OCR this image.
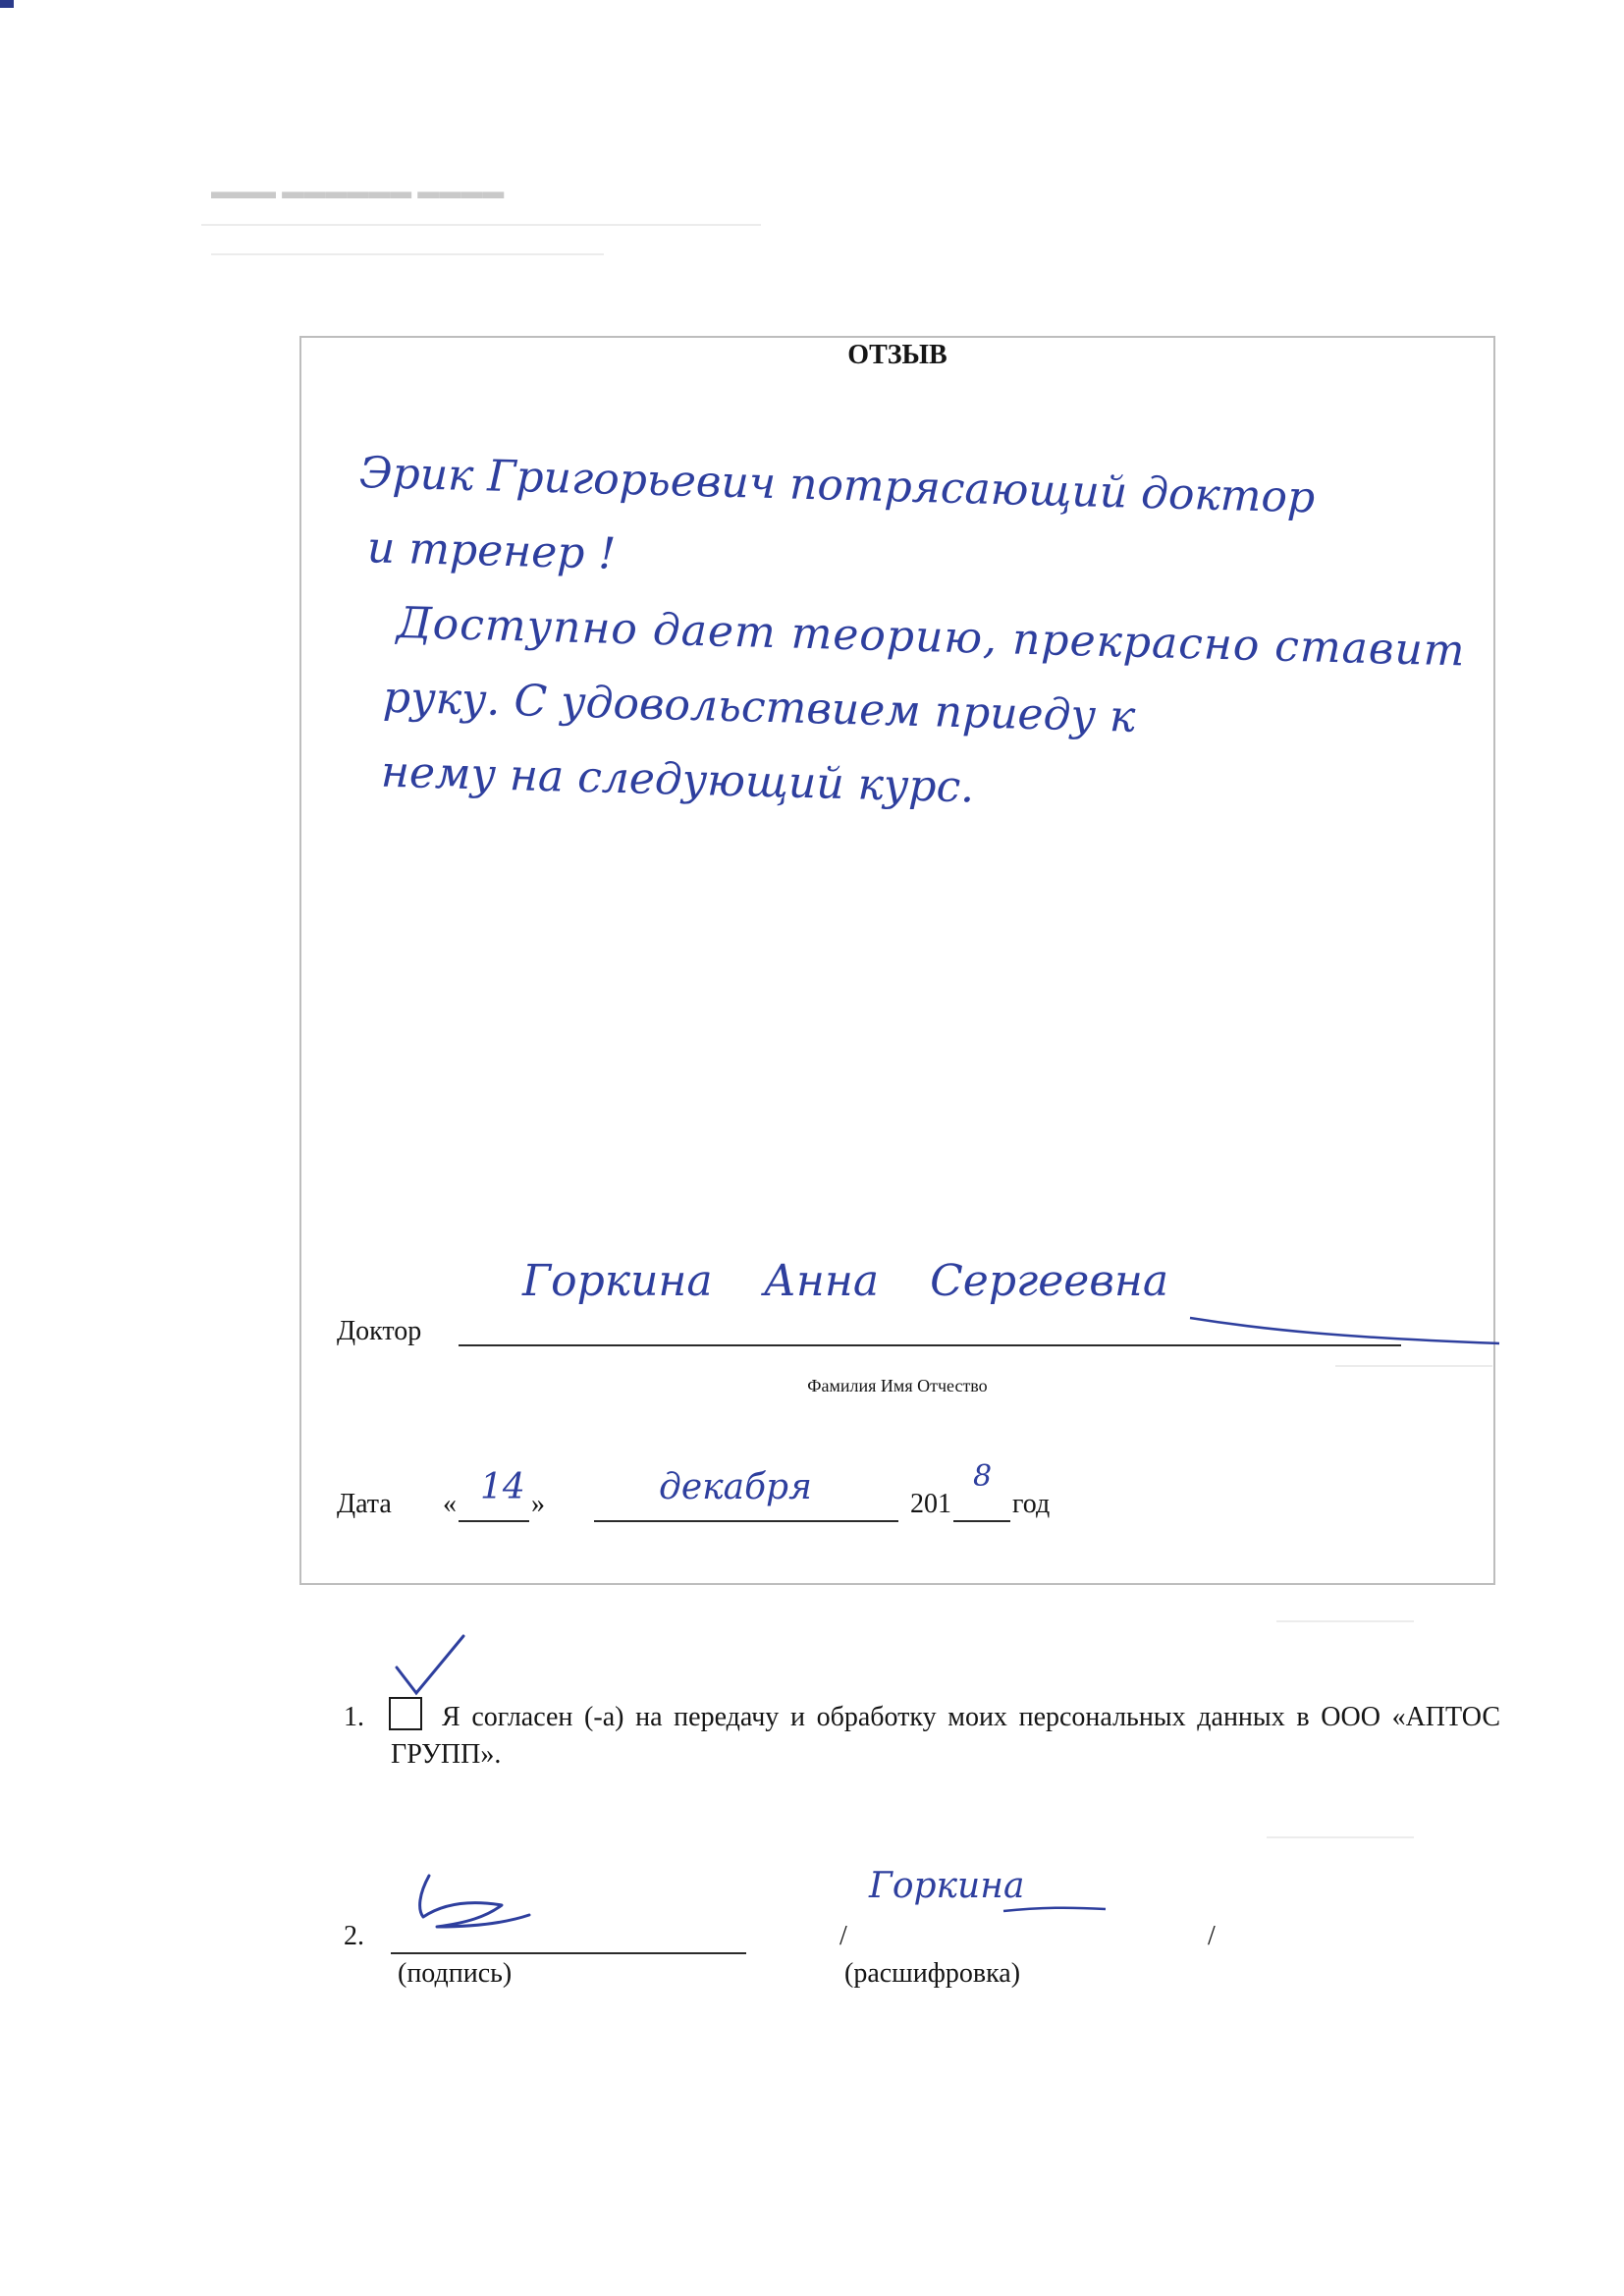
▬▬▬ ▬▬▬▬▬▬ ▬▬▬▬
ОТЗЫВ
Эрик Григорьевич потрясающий доктор
и тренер !
Доступно дает теорию, прекрасно ставит
руку. С удовольствием приеду к
нему на следующий курс.
Доктор
Горкина Анна Сергеевна
Фамилия Имя Отчество
Дата « 14 »	декабря	201
8
год
1.	Я согласен (-а) на передачу и обработку моих персональных данных в ООО «АПТОС ГРУПП».
Горкина
2.	/	/
(подпись)	(расшифровка)
